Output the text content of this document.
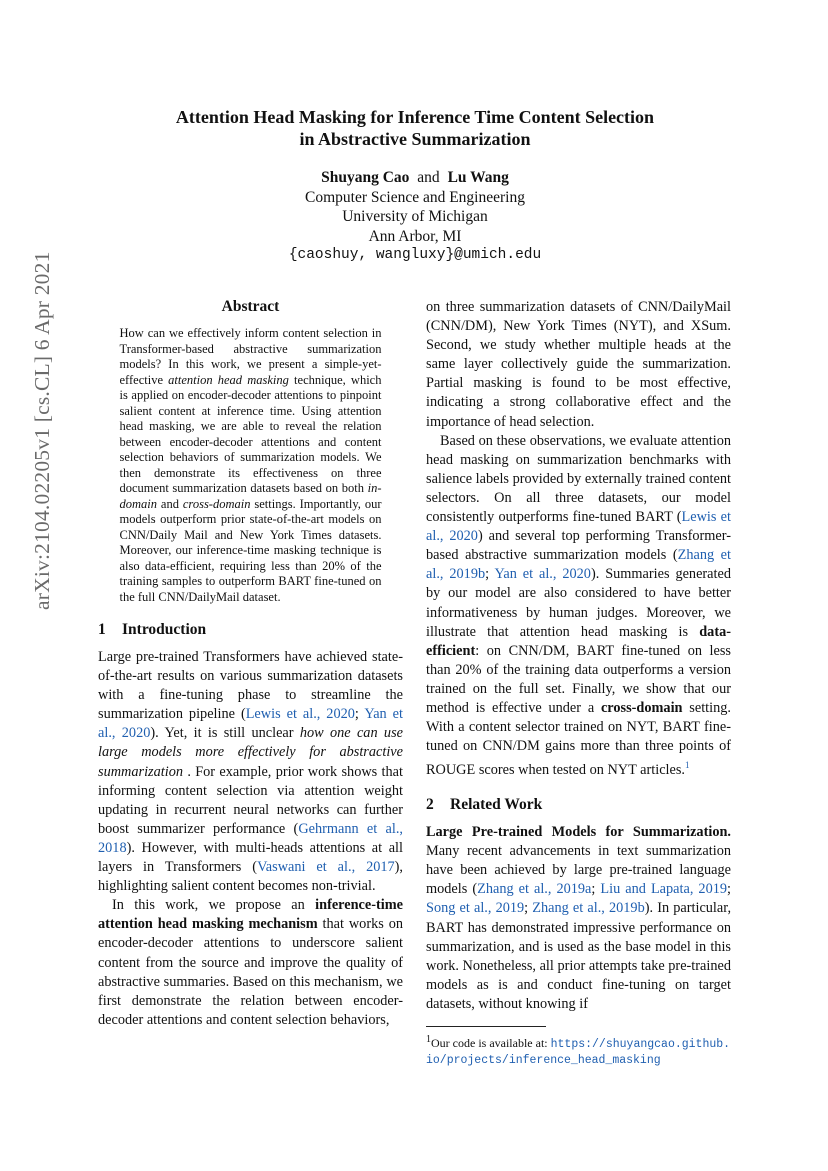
arXiv:2104.02205v1 [cs.CL] 6 Apr 2021
Attention Head Masking for Inference Time Content Selection
in Abstractive Summarization
Shuyang Cao and Lu Wang
Computer Science and Engineering
University of Michigan
Ann Arbor, MI
{caoshuy, wangluxy}@umich.edu
Abstract

How can we effectively inform content selection in Transformer-based abstractive summarization models? In this work, we present a simple-yet-effective attention head masking technique, which is applied on encoder-decoder attentions to pinpoint salient content at inference time. Using attention head masking, we are able to reveal the relation between encoder-decoder attentions and content selection behaviors of summarization models. We then demonstrate its effectiveness on three document summarization datasets based on both in-domain and cross-domain settings. Importantly, our models outperform prior state-of-the-art models on CNN/Daily Mail and New York Times datasets. Moreover, our inference-time masking technique is also data-efficient, requiring less than 20% of the training samples to outperform BART fine-tuned on the full CNN/DailyMail dataset.

1 Introduction

Large pre-trained Transformers have achieved state-of-the-art results on various summarization datasets with a fine-tuning phase to streamline the summarization pipeline (Lewis et al., 2020; Yan et al., 2020). Yet, it is still unclear how one can use large models more effectively for abstractive summarization . For example, prior work shows that informing content selection via attention weight updating in recurrent neural networks can further boost summarizer performance (Gehrmann et al., 2018). However, with multi-heads attentions at all layers in Transformers (Vaswani et al., 2017), highlighting salient content becomes non-trivial.

In this work, we propose an inference-time attention head masking mechanism that works on encoder-decoder attentions to underscore salient content from the source and improve the quality of abstractive summaries. Based on this mechanism, we first demonstrate the relation between encoder-decoder attentions and content selection behaviors,

on three summarization datasets of CNN/DailyMail (CNN/DM), New York Times (NYT), and XSum. Second, we study whether multiple heads at the same layer collectively guide the summarization. Partial masking is found to be most effective, indicating a strong collaborative effect and the importance of head selection.

Based on these observations, we evaluate attention head masking on summarization benchmarks with salience labels provided by externally trained content selectors. On all three datasets, our model consistently outperforms fine-tuned BART (Lewis et al., 2020) and several top performing Transformer-based abstractive summarization models (Zhang et al., 2019b; Yan et al., 2020). Summaries generated by our model are also considered to have better informativeness by human judges. Moreover, we illustrate that attention head masking is data-efficient: on CNN/DM, BART fine-tuned on less than 20% of the training data outperforms a version trained on the full set. Finally, we show that our method is effective under a cross-domain setting. With a content selector trained on NYT, BART fine-tuned on CNN/DM gains more than three points of ROUGE scores when tested on NYT articles.$^1$

2 Related Work

Large Pre-trained Models for Summarization. Many recent advancements in text summarization have been achieved by large pre-trained language models (Zhang et al., 2019a; Liu and Lapata, 2019; Song et al., 2019; Zhang et al., 2019b). In particular, BART has demonstrated impressive performance on summarization, and is used as the base model in this work. Nonetheless, all prior attempts take pre-trained models as is and conduct fine-tuning on target datasets, without knowing if

$^1$Our code is available at: https://shuyangcao.github.io/projects/inference_head_masking
